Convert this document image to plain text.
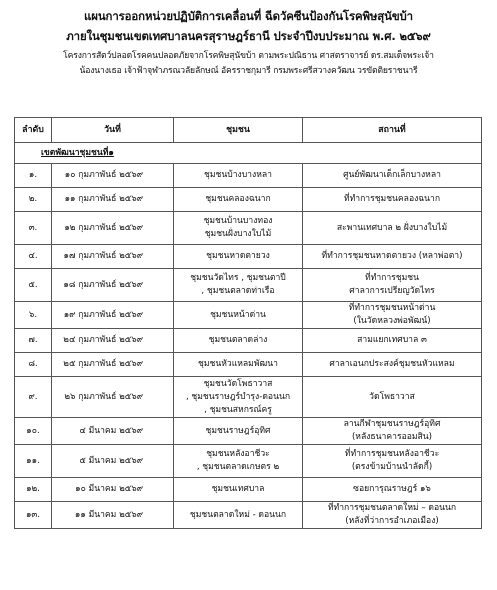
แผนการออกหน่วยปฏิบัติการเคลื่อนที่ ฉีดวัคซีนป้องกันโรคพิษสุนัขบ้า
ภายในชุมชนเขตเทศบาลนครสุราษฎร์ธานี ประจำปีงบประมาณ พ.ศ. ๒๕๖๙
โครงการสัตว์ปลอดโรคคนปลอดภัยจากโรคพิษสุนัขบ้า ตามพระปณิธาน ศาสตราจารย์ ดร.สมเด็จพระเจ้า
น้องนางเธอ เจ้าฟ้าจุฬาภรณวลัยลักษณ์ อัครราชกุมารี กรมพระศรีสวางควัฒน วรขัตติยราชนารี
ลำดับ	วันที่	ชุมชน	สถานที่
เขตพัฒนาชุมชนที่๑			
๑.	๑๐ กุมภาพันธ์ ๒๕๖๙	ชุมชนบ้างบางหลา	ศูนย์พัฒนาเด็กเล็กบางหลา

๒.	๑๑ กุมภาพันธ์ ๒๕๖๙	ชุมชนคลองฉนาก	ที่ทำการชุมชนคลองฉนาก

๓.	๑๒ กุมภาพันธ์ ๒๕๖๙	ชุมชนบ้านบางทอง
ชุมชนฝั่งบางใบไม้	สะพานเทศบาล ๒ ฝั่งบางใบไม้

๔.	๑๗ กุมภาพันธ์ ๒๕๖๙	ชุมชนหาดตายวง	ที่ทำการชุมชนหาดตายวง (หลาพ่อตา)

๕.	๑๘ กุมภาพันธ์ ๒๕๖๙	ชุมชนวัดไทร , ชุมชนตาปี
, ชุมชนตลาดท่าเรือ	ที่ทำการชุมชน
ศาลาการเปรียญวัดไทร

๖.	๑๙ กุมภาพันธ์ ๒๕๖๙	ชุมชนหน้าด่าน	ที่ทำการชุมชนหน้าด่าน
(ในวัดหลวงพ่อพัฒน์)

๗.	๒๔ กุมภาพันธ์ ๒๕๖๙	ชุมชนตลาดล่าง	สามแยกเทศบาล ๓

๘.	๒๕ กุมภาพันธ์ ๒๕๖๙	ชุมชนหัวแหลมพัฒนา	ศาลาเอนกประสงค์ชุมชนหัวแหลม

๙.	๒๖ กุมภาพันธ์ ๒๕๖๙	ชุมชนวัดโพธาวาส
, ชุมชนราษฎร์บำรุง-ดอนนก
, ชุมชนสหกรณ์ครู	วัดโพธาวาส

๑๐.	๔ มีนาคม ๒๕๖๙	ชุมชนราษฎร์อุทิศ	ลานกีฬาชุมชนราษฎร์อุทิศ
(หลังธนาคารออมสิน)

๑๑.	๕ มีนาคม ๒๕๖๙	ชุมชนหลังอาชีวะ
, ชุมชนตลาดเกษตร ๒	ที่ทำการชุมชนหลังอาชีวะ
(ตรงข้ามบ้านนำลัดกี้)

๑๒.	๑๐ มีนาคม ๒๕๖๙	ชุมชนเทศบาล	ซอยการุณราษฎร์ ๑๖

๑๓.	๑๑ มีนาคม ๒๕๖๙	ชุมชนตลาดใหม่ - ดอนนก	ที่ทำการชุมชนตลาดใหม่ – ดอนนก
(หลังที่ว่าการอำเภอเมือง)
